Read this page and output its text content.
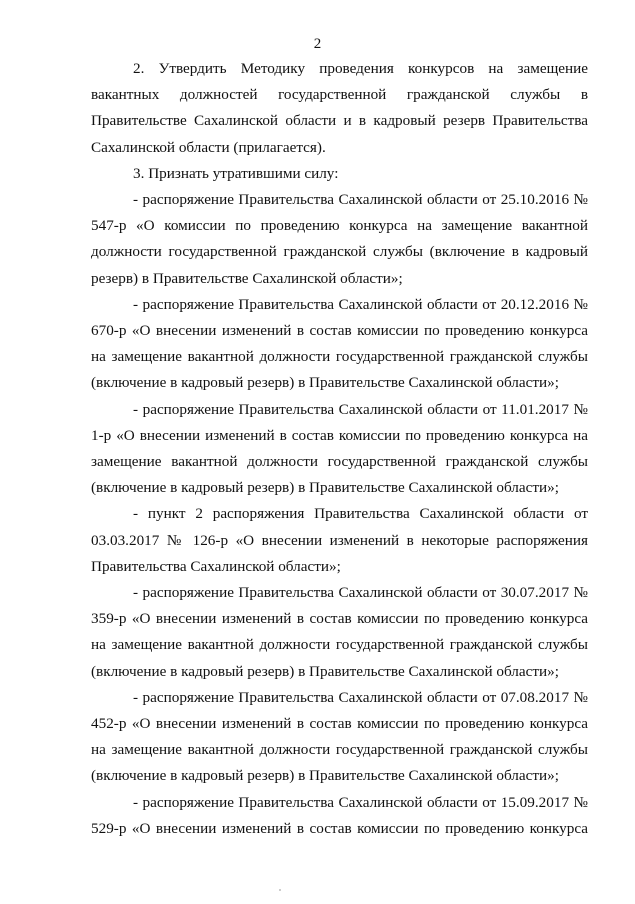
2

2. Утвердить Методику проведения конкурсов на замещение вакантных должностей государственной гражданской службы в Правительстве Сахалинской области и в кадровый резерв Правительства Сахалинской области (прилагается).

3. Признать утратившими силу:

- распоряжение Правительства Сахалинской области от 25.10.2016 № 547-р «О комиссии по проведению конкурса на замещение вакантной должности государственной гражданской службы (включение в кадровый резерв) в Правительстве Сахалинской области»;

- распоряжение Правительства Сахалинской области от 20.12.2016 № 670-р «О внесении изменений в состав комиссии по проведению конкурса на замещение вакантной должности государственной гражданской службы (включение в кадровый резерв) в Правительстве Сахалинской области»;

- распоряжение Правительства Сахалинской области от 11.01.2017 № 1-р «О внесении изменений в состав комиссии по проведению конкурса на замещение вакантной должности государственной гражданской службы (включение в кадровый резерв) в Правительстве Сахалинской области»;

- пункт 2 распоряжения Правительства Сахалинской области от 03.03.2017 № 126-р «О внесении изменений в некоторые распоряжения Правительства Сахалинской области»;

- распоряжение Правительства Сахалинской области от 30.07.2017 № 359-р «О внесении изменений в состав комиссии по проведению конкурса на замещение вакантной должности государственной гражданской службы (включение в кадровый резерв) в Правительстве Сахалинской области»;

- распоряжение Правительства Сахалинской области от 07.08.2017 № 452-р «О внесении изменений в состав комиссии по проведению конкурса на замещение вакантной должности государственной гражданской службы (включение в кадровый резерв) в Правительстве Сахалинской области»;

- распоряжение Правительства Сахалинской области от 15.09.2017 № 529-р «О внесении изменений в состав комиссии по проведению конкурса
